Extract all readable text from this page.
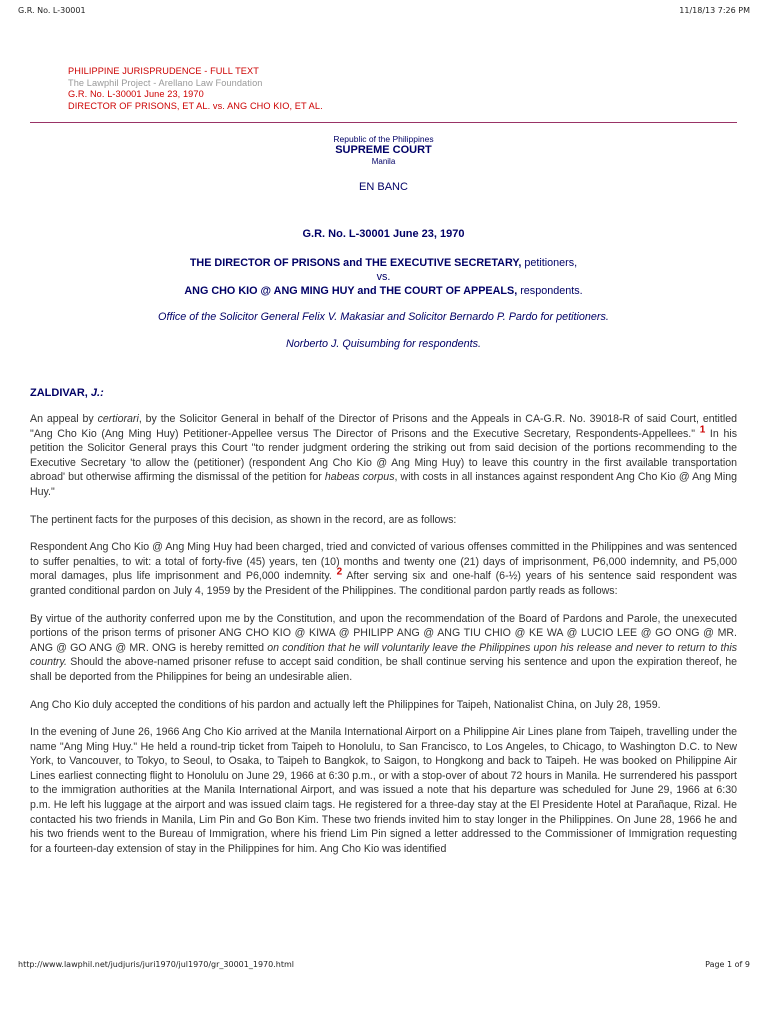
G.R. No. L-30001	11/18/13 7:26 PM
PHILIPPINE JURISPRUDENCE - FULL TEXT
The Lawphil Project - Arellano Law Foundation
G.R. No. L-30001 June 23, 1970
DIRECTOR OF PRISONS, ET AL. vs. ANG CHO KIO, ET AL.
Republic of the Philippines
SUPREME COURT
Manila
EN BANC
G.R. No. L-30001 June 23, 1970
THE DIRECTOR OF PRISONS and THE EXECUTIVE SECRETARY, petitioners,
vs.
ANG CHO KIO @ ANG MING HUY and THE COURT OF APPEALS, respondents.
Office of the Solicitor General Felix V. Makasiar and Solicitor Bernardo P. Pardo for petitioners.
Norberto J. Quisumbing for respondents.
ZALDIVAR, J.:

An appeal by certiorari, by the Solicitor General in behalf of the Director of Prisons and the Appeals in CA-G.R. No. 39018-R of said Court, entitled "Ang Cho Kio (Ang Ming Huy) Petitioner-Appellee versus The Director of Prisons and the Executive Secretary, Respondents-Appellees." 1 In his petition the Solicitor General prays this Court "to render judgment ordering the striking out from said decision of the portions recommending to the Executive Secretary 'to allow the (petitioner) (respondent Ang Cho Kio @ Ang Ming Huy) to leave this country in the first available transportation abroad' but otherwise affirming the dismissal of the petition for habeas corpus, with costs in all instances against respondent Ang Cho Kio @ Ang Ming Huy."

The pertinent facts for the purposes of this decision, as shown in the record, are as follows:

Respondent Ang Cho Kio @ Ang Ming Huy had been charged, tried and convicted of various offenses committed in the Philippines and was sentenced to suffer penalties, to wit: a total of forty-five (45) years, ten (10) months and twenty one (21) days of imprisonment, P6,000 indemnity, and P5,000 moral damages, plus life imprisonment and P6,000 indemnity. 2 After serving six and one-half (6-½) years of his sentence said respondent was granted conditional pardon on July 4, 1959 by the President of the Philippines. The conditional pardon partly reads as follows:

By virtue of the authority conferred upon me by the Constitution, and upon the recommendation of the Board of Pardons and Parole, the unexecuted portions of the prison terms of prisoner ANG CHO KIO @ KIWA @ PHILIPP ANG @ ANG TIU CHIO @ KE WA @ LUCIO LEE @ GO ONG @ MR. ANG @ GO ANG @ MR. ONG is hereby remitted on condition that he will voluntarily leave the Philippines upon his release and never to return to this country. Should the above-named prisoner refuse to accept said condition, be shall continue serving his sentence and upon the expiration thereof, he shall be deported from the Philippines for being an undesirable alien.

Ang Cho Kio duly accepted the conditions of his pardon and actually left the Philippines for Taipeh, Nationalist China, on July 28, 1959.

In the evening of June 26, 1966 Ang Cho Kio arrived at the Manila International Airport on a Philippine Air Lines plane from Taipeh, travelling under the name "Ang Ming Huy." He held a round-trip ticket from Taipeh to Honolulu, to San Francisco, to Los Angeles, to Chicago, to Washington D.C. to New York, to Vancouver, to Tokyo, to Seoul, to Osaka, to Taipeh to Bangkok, to Saigon, to Hongkong and back to Taipeh. He was booked on Philippine Air Lines earliest connecting flight to Honolulu on June 29, 1966 at 6:30 p.m., or with a stop-over of about 72 hours in Manila. He surrendered his passport to the immigration authorities at the Manila International Airport, and was issued a note that his departure was scheduled for June 29, 1966 at 6:30 p.m. He left his luggage at the airport and was issued claim tags. He registered for a three-day stay at the El Presidente Hotel at Parañaque, Rizal. He contacted his two friends in Manila, Lim Pin and Go Bon Kim. These two friends invited him to stay longer in the Philippines. On June 28, 1966 he and his two friends went to the Bureau of Immigration, where his friend Lim Pin signed a letter addressed to the Commissioner of Immigration requesting for a fourteen-day extension of stay in the Philippines for him. Ang Cho Kio was identified

http://www.lawphil.net/judjuris/juri1970/jul1970/gr_30001_1970.html	Page 1 of 9
